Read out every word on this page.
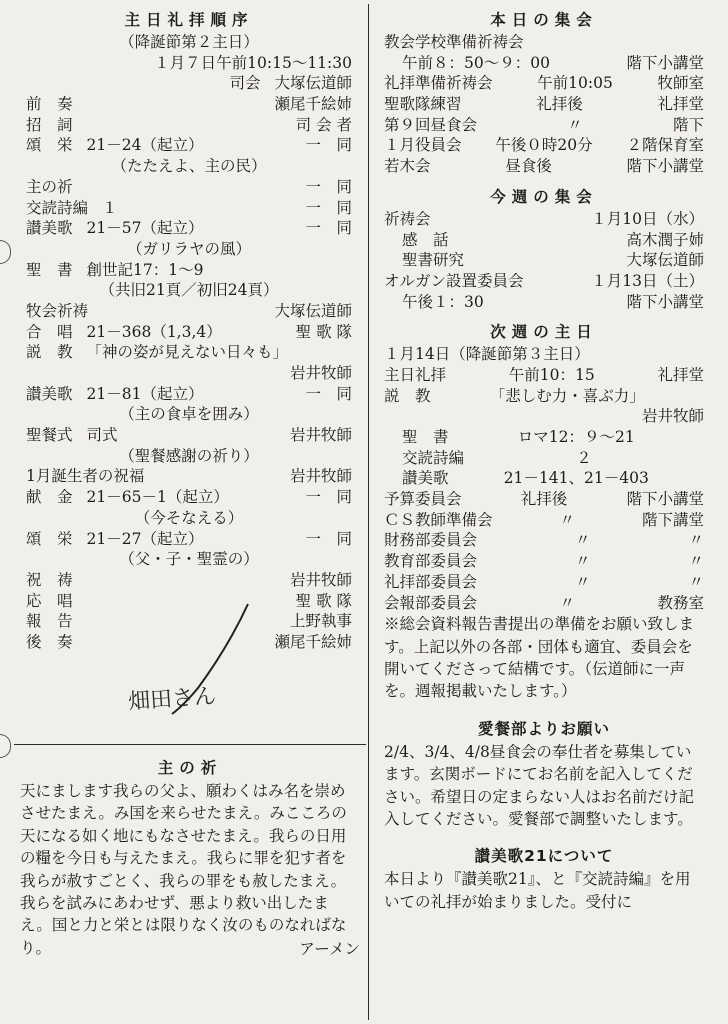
主日礼拝順序
（降誕節第２主日）
１月７日午前10:15～11:30
司会 大塚伝道師
前　奏	瀬尾千絵姉
招　詞	司 会 者
頌　栄 21－24（起立）	一　同
（たたえよ、主の民）
主の祈	一　同
交読詩編 １	一　同
讃美歌 21－57（起立）	一　同
（ガリラヤの風）
聖　書 創世記17：1～9
（共旧21頁／初旧24頁）
牧会祈祷	大塚伝道師
合　唱 21－368（1,3,4）	聖 歌 隊
説　教 「神の姿が見えない日々も」
岩井牧師
讃美歌 21－81（起立）	一　同
（主の食卓を囲み）
聖餐式 司式	岩井牧師
（聖餐感謝の祈り）
1月誕生者の祝福	岩井牧師
献　金 21－65－1（起立）	一　同
（今そなえる）
頌　栄 21－27（起立）	一　同
（父・子・聖霊の）
祝　祷	岩井牧師
応　唱	聖 歌 隊
報　告	上野執事
後　奏	瀬尾千絵姉
畑田さん
主の祈
天にまします我らの父よ、願わくはみ名を崇めさせたまえ。み国を来らせたまえ。みこころの天になる如く地にもなさせたまえ。我らの日用の糧を今日も与えたまえ。我らに罪を犯す者を我らが赦すごとく、我らの罪をも赦したまえ。我らを試みにあわせず、悪より救い出したまえ。国と力と栄とは限りなく汝のものなればなり。	アーメン
本日の集会
教会学校準備祈祷会
午前８：50～９：00	階下小講堂
礼拝準備祈祷会	午前10:05	牧師室
聖歌隊練習	礼拝後	礼拝堂
第９回昼食会	〃	階下
１月役員会 午後０時20分 ２階保育室
若木会	昼食後	階下小講堂
今週の集会
祈祷会	１月10日（水）
感　話	高木潤子姉
聖書研究	大塚伝道師
オルガン設置委員会	１月13日（土）
午後１：30	階下小講堂
次週の主日
１月14日（降誕節第３主日）
主日礼拝	午前10：15	礼拝堂
説　教	「悲しむ力・喜ぶ力」
岩井牧師
聖　書	ロマ12：９～21
交読詩編	２
讃美歌	21－141、21－403
予算委員会	礼拝後	階下小講堂
ＣＳ教師準備会	〃	階下講堂
財務部委員会	〃	〃
教育部委員会	〃	〃
礼拝部委員会	〃	〃
会報部委員会	〃	教務室
※総会資料報告書提出の準備をお願い致します。上記以外の各部・団体も適宜、委員会を開いてくださって結構です。（伝道師に一声を。週報掲載いたします。）
愛餐部よりお願い
2/4、3/4、4/8昼食会の奉仕者を募集しています。玄関ボードにてお名前を記入してください。希望日の定まらない人はお名前だけ記入してください。愛餐部で調整いたします。
讃美歌21について
本日より『讃美歌21』、と『交読詩編』を用いての礼拝が始まりました。受付に
